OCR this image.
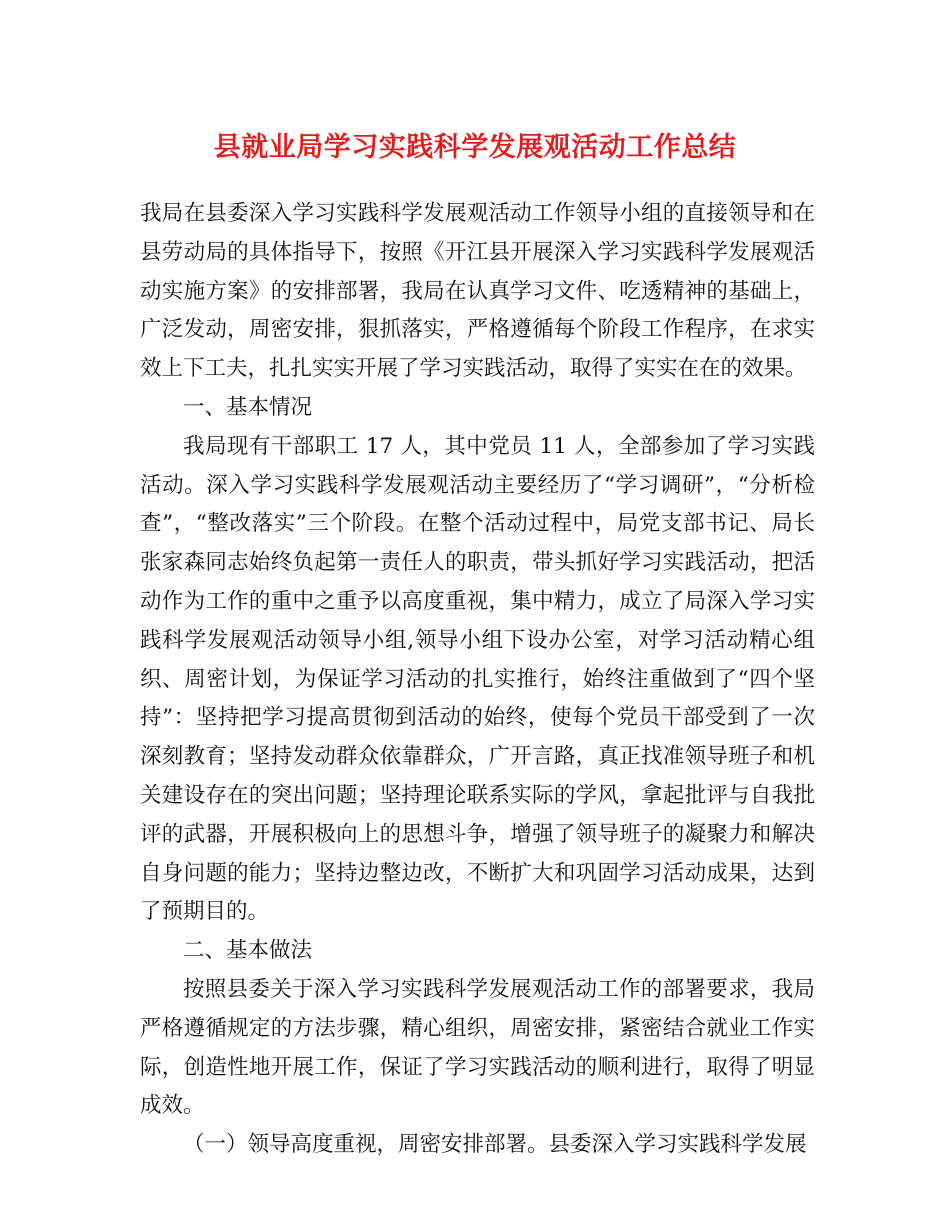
县就业局学习实践科学发展观活动工作总结

我局在县委深入学习实践科学发展观活动工作领导小组的直接领导和在县劳动局的具体指导下，按照《开江县开展深入学习实践科学发展观活动实施方案》的安排部署，我局在认真学习文件、吃透精神的基础上，广泛发动，周密安排，狠抓落实，严格遵循每个阶段工作程序，在求实效上下工夫，扎扎实实开展了学习实践活动，取得了实实在在的效果。

一、基本情况

我局现有干部职工 17 人，其中党员 11 人，全部参加了学习实践活动。深入学习实践科学发展观活动主要经历了“学习调研”，“分析检查”，“整改落实”三个阶段。在整个活动过程中，局党支部书记、局长张家森同志始终负起第一责任人的职责，带头抓好学习实践活动，把活动作为工作的重中之重予以高度重视，集中精力，成立了局深入学习实践科学发展观活动领导小组,领导小组下设办公室，对学习活动精心组织、周密计划，为保证学习活动的扎实推行，始终注重做到了“四个坚持”：坚持把学习提高贯彻到活动的始终，使每个党员干部受到了一次深刻教育；坚持发动群众依靠群众，广开言路，真正找准领导班子和机关建设存在的突出问题；坚持理论联系实际的学风，拿起批评与自我批评的武器，开展积极向上的思想斗争，增强了领导班子的凝聚力和解决自身问题的能力；坚持边整边改，不断扩大和巩固学习活动成果，达到了预期目的。

二、基本做法

按照县委关于深入学习实践科学发展观活动工作的部署要求，我局严格遵循规定的方法步骤，精心组织，周密安排，紧密结合就业工作实际，创造性地开展工作，保证了学习实践活动的顺利进行，取得了明显成效。

（一）领导高度重视，周密安排部署。县委深入学习实践科学发展
